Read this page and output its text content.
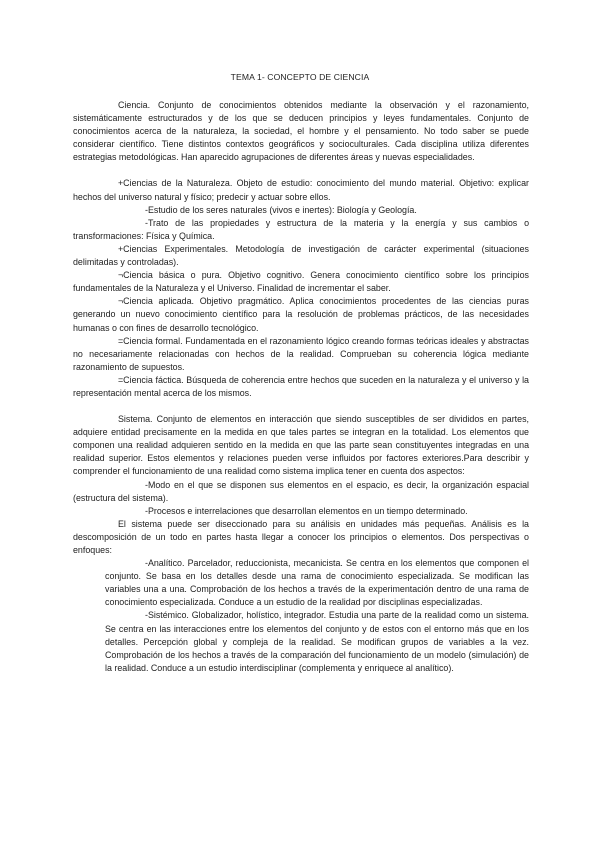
TEMA 1- CONCEPTO DE CIENCIA

Ciencia. Conjunto de conocimientos obtenidos mediante la observación y el razonamiento, sistemáticamente estructurados y de los que se deducen principios y leyes fundamentales. Conjunto de conocimientos acerca de la naturaleza, la sociedad, el hombre y el pensamiento. No todo saber se puede considerar científico. Tiene distintos contextos geográficos y socioculturales. Cada disciplina utiliza diferentes estrategias metodológicas. Han aparecido agrupaciones de diferentes áreas y nuevas especialidades.

+Ciencias de la Naturaleza. Objeto de estudio: conocimiento del mundo material. Objetivo: explicar hechos del universo natural y físico; predecir y actuar sobre ellos.

-Estudio de los seres naturales (vivos e inertes): Biología y Geología.

-Trato de las propiedades y estructura de la materia y la energía y sus cambios o transformaciones: Física y Química.

+Ciencias Experimentales. Metodología de investigación de carácter experimental (situaciones delimitadas y controladas).

¬Ciencia básica o pura. Objetivo cognitivo. Genera conocimiento científico sobre los principios fundamentales de la Naturaleza y el Universo. Finalidad de incrementar el saber.

¬Ciencia aplicada. Objetivo pragmático. Aplica conocimientos procedentes de las ciencias puras generando un nuevo conocimiento científico para la resolución de problemas prácticos, de las necesidades humanas o con fines de desarrollo tecnológico.

=Ciencia formal. Fundamentada en el razonamiento lógico creando formas teóricas ideales y abstractas no necesariamente relacionadas con hechos de la realidad. Comprueban su coherencia lógica mediante razonamiento de supuestos.

=Ciencia fáctica. Búsqueda de coherencia entre hechos que suceden en la naturaleza y el universo y la representación mental acerca de los mismos.

Sistema. Conjunto de elementos en interacción que siendo susceptibles de ser divididos en partes, adquiere entidad precisamente en la medida en que tales partes se integran en la totalidad. Los elementos que componen una realidad adquieren sentido en la medida en que las parte sean constituyentes integradas en una realidad superior. Estos elementos y relaciones pueden verse influidos por factores exteriores.Para describir y comprender el funcionamiento de una realidad como sistema implica tener en cuenta dos aspectos:

-Modo en el que se disponen sus elementos en el espacio, es decir, la organización espacial (estructura del sistema).

-Procesos e interrelaciones que desarrollan elementos en un tiempo determinado.

El sistema puede ser diseccionado para su análisis en unidades más pequeñas. Análisis es la descomposición de un todo en partes hasta llegar a conocer los principios o elementos. Dos perspectivas o enfoques:

-Analítico. Parcelador, reduccionista, mecanicista. Se centra en los elementos que componen el conjunto. Se basa en los detalles desde una rama de conocimiento especializada. Se modifican las variables una a una. Comprobación de los hechos a través de la experimentación dentro de una rama de conocimiento especializada. Conduce a un estudio de la realidad por disciplinas especializadas.

-Sistémico. Globalizador, holístico, integrador. Estudia una parte de la realidad como un sistema. Se centra en las interacciones entre los elementos del conjunto y de estos con el entorno más que en los detalles. Percepción global y compleja de la realidad. Se modifican grupos de variables a la vez. Comprobación de los hechos a través de la comparación del funcionamiento de un modelo (simulación) de la realidad. Conduce a un estudio interdisciplinar (complementa y enriquece al analítico).
